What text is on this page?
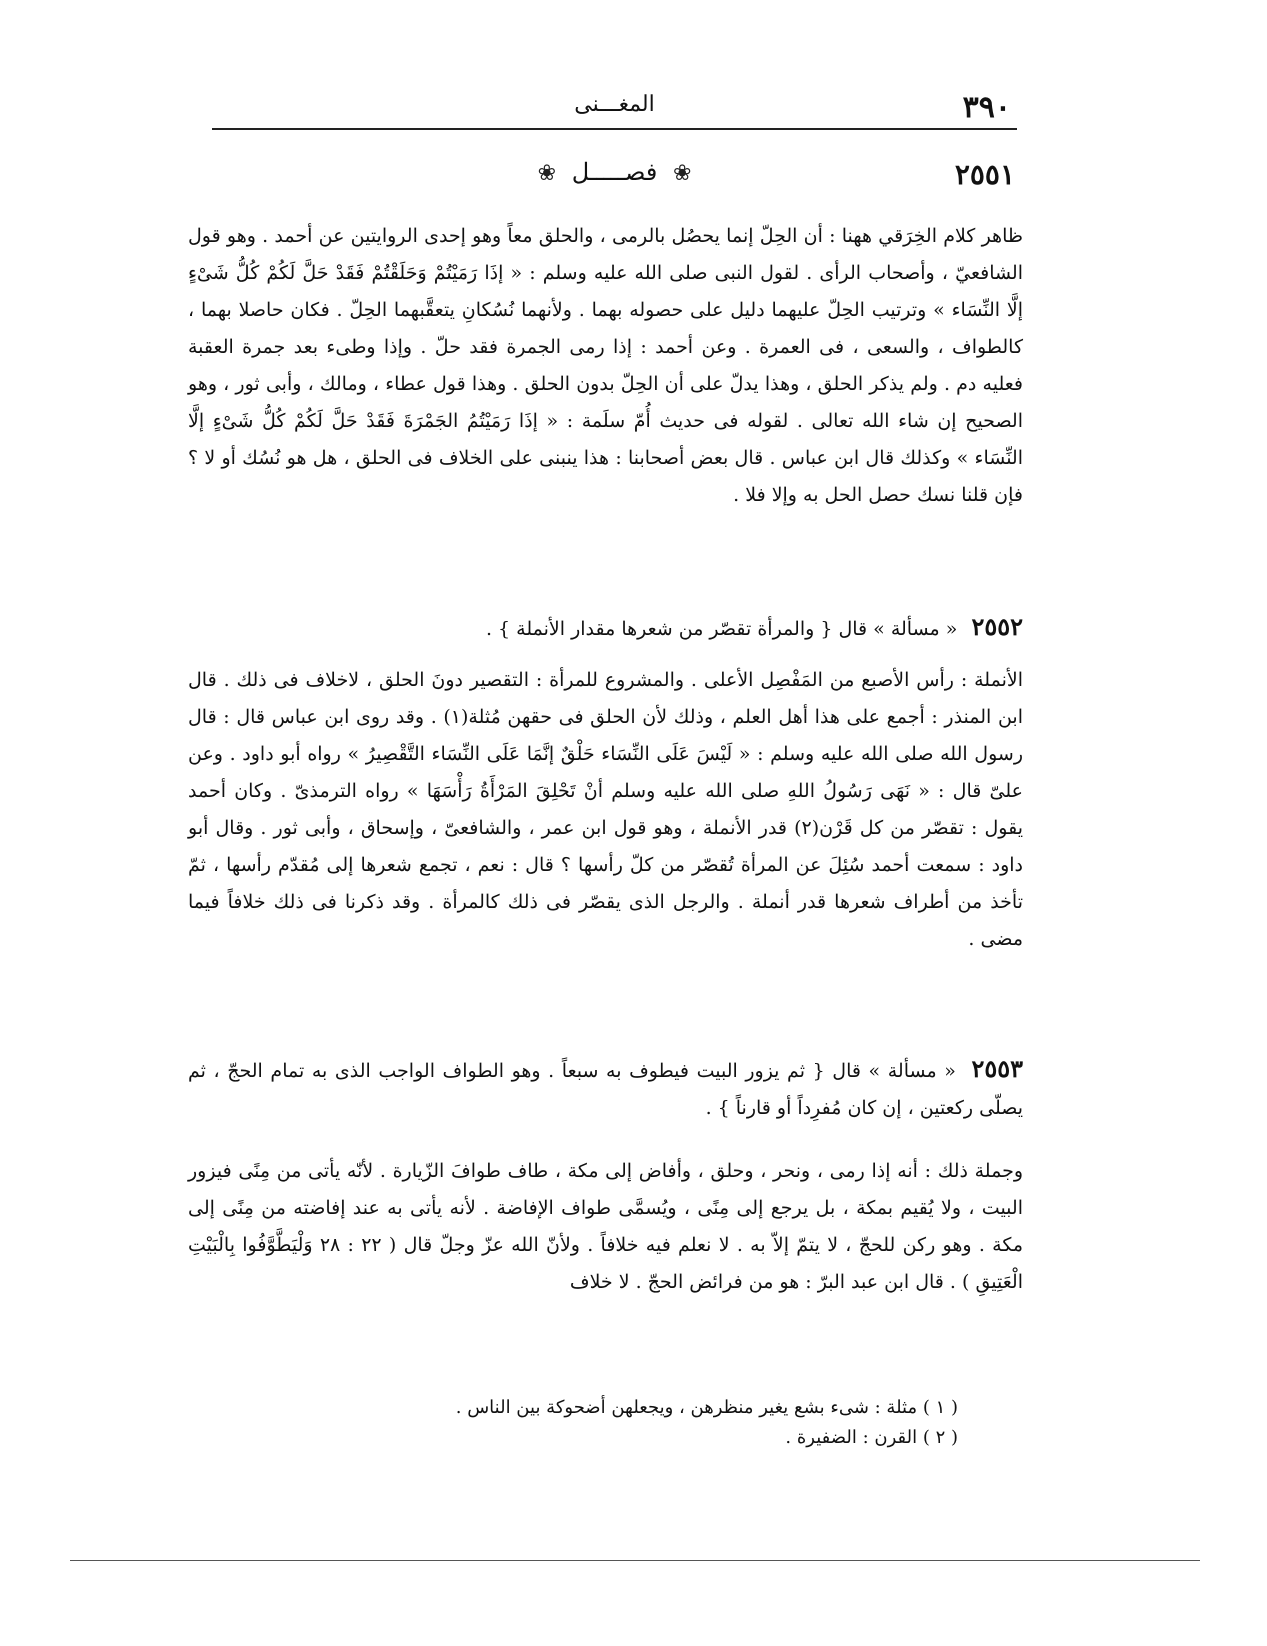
٣٩٠
المغـــنى
٢٥٥١
❀ فصـــــل ❀

ظاهر كلام الخِرَقي ههنا : أن الحِلّ إنما يحصُل بالرمى ، والحلق معاً وهو إحدى الروايتين عن أحمد . وهو قول الشافعيّ ، وأصحاب الرأى . لقول النبى صلى الله عليه وسلم : « إذَا رَمَيْتُمْ وَحَلَقْتُمْ فَقَدْ حَلَّ لَكُمْ كُلُّ شَىْءٍ إلَّا النِّسَاء » وترتيب الحِلّ عليهما دليل على حصوله بهما . ولأنهما نُسُكانِ يتعقَّبهما الحِلّ . فكان حاصلا بهما ، كالطواف ، والسعى ، فى العمرة . وعن أحمد : إذا رمى الجمرة فقد حلّ . وإذا وطىء بعد جمرة العقبة فعليه دم . ولم يذكر الحلق ، وهذا يدلّ على أن الحِلّ بدون الحلق . وهذا قول عطاء ، ومالك ، وأبى ثور ، وهو الصحيح إن شاء الله تعالى . لقوله فى حديث أُمّ سلَمة : « إذَا رَمَيْتُمُ الجَمْرَةَ فَقَدْ حَلَّ لَكُمْ كُلُّ شَىْءٍ إلَّا النِّسَاء » وكذلك قال ابن عباس . قال بعض أصحابنا : هذا ينبنى على الخلاف فى الحلق ، هل هو نُسُك أو لا ؟ فإن قلنا نسك حصل الحل به وإلا فلا .

٢٥٥٢ « مسألة » قال { والمرأة تقصّر من شعرها مقدار الأنملة } .

الأنملة : رأس الأصبع من المَفْصِل الأعلى . والمشروع للمرأة : التقصير دونَ الحلق ، لاخلاف فى ذلك . قال ابن المنذر : أجمع على هذا أهل العلم ، وذلك لأن الحلق فى حقهن مُثلة(١) . وقد روى ابن عباس قال : قال رسول الله صلى الله عليه وسلم : « لَيْسَ عَلَى النِّسَاء حَلْقٌ إنَّمَا عَلَى النِّسَاء التَّقْصِيرُ » رواه أبو داود . وعن علىّ قال : « نَهَى رَسُولُ اللهِ صلى الله عليه وسلم أنْ تَحْلِقَ المَرْأَةُ رَأْسَهَا » رواه الترمذىّ . وكان أحمد يقول : تقصّر من كل قَرْن(٢) قدر الأنملة ، وهو قول ابن عمر ، والشافعىّ ، وإسحاق ، وأبى ثور . وقال أبو داود : سمعت أحمد سُئِلَ عن المرأة تُقصّر من كلّ رأسها ؟ قال : نعم ، تجمع شعرها إلى مُقدّم رأسها ، ثمّ تأخذ من أطراف شعرها قدر أنملة . والرجل الذى يقصّر فى ذلك كالمرأة . وقد ذكرنا فى ذلك خلافاً فيما مضى .

٢٥٥٣ « مسألة » قال { ثم يزور البيت فيطوف به سبعاً . وهو الطواف الواجب الذى به تمام الحجّ ، ثم يصلّى ركعتين ، إن كان مُفرِداً أو قارناً } .

وجملة ذلك : أنه إذا رمى ، ونحر ، وحلق ، وأفاض إلى مكة ، طاف طوافَ الزّيارة . لأنّه يأتى من مِنًى فيزور البيت ، ولا يُقيم بمكة ، بل يرجع إلى مِنًى ، ويُسمَّى طواف الإفاضة . لأنه يأتى به عند إفاضته من مِنًى إلى مكة . وهو ركن للحجّ ، لا يتمّ إلاّ به . لا نعلم فيه خلافاً . ولأنّ الله عزّ وجلّ قال ( ٢٢ : ٢٨ وَلْيَطَّوَّفُوا بِالْبَيْتِ الْعَتِيقِ ) . قال ابن عبد البرّ : هو من فرائض الحجّ . لا خلاف

( ١ ) مثلة : شىء بشع يغير منظرهن ، ويجعلهن أضحوكة بين الناس .
( ٢ ) القرن : الضفيرة .
